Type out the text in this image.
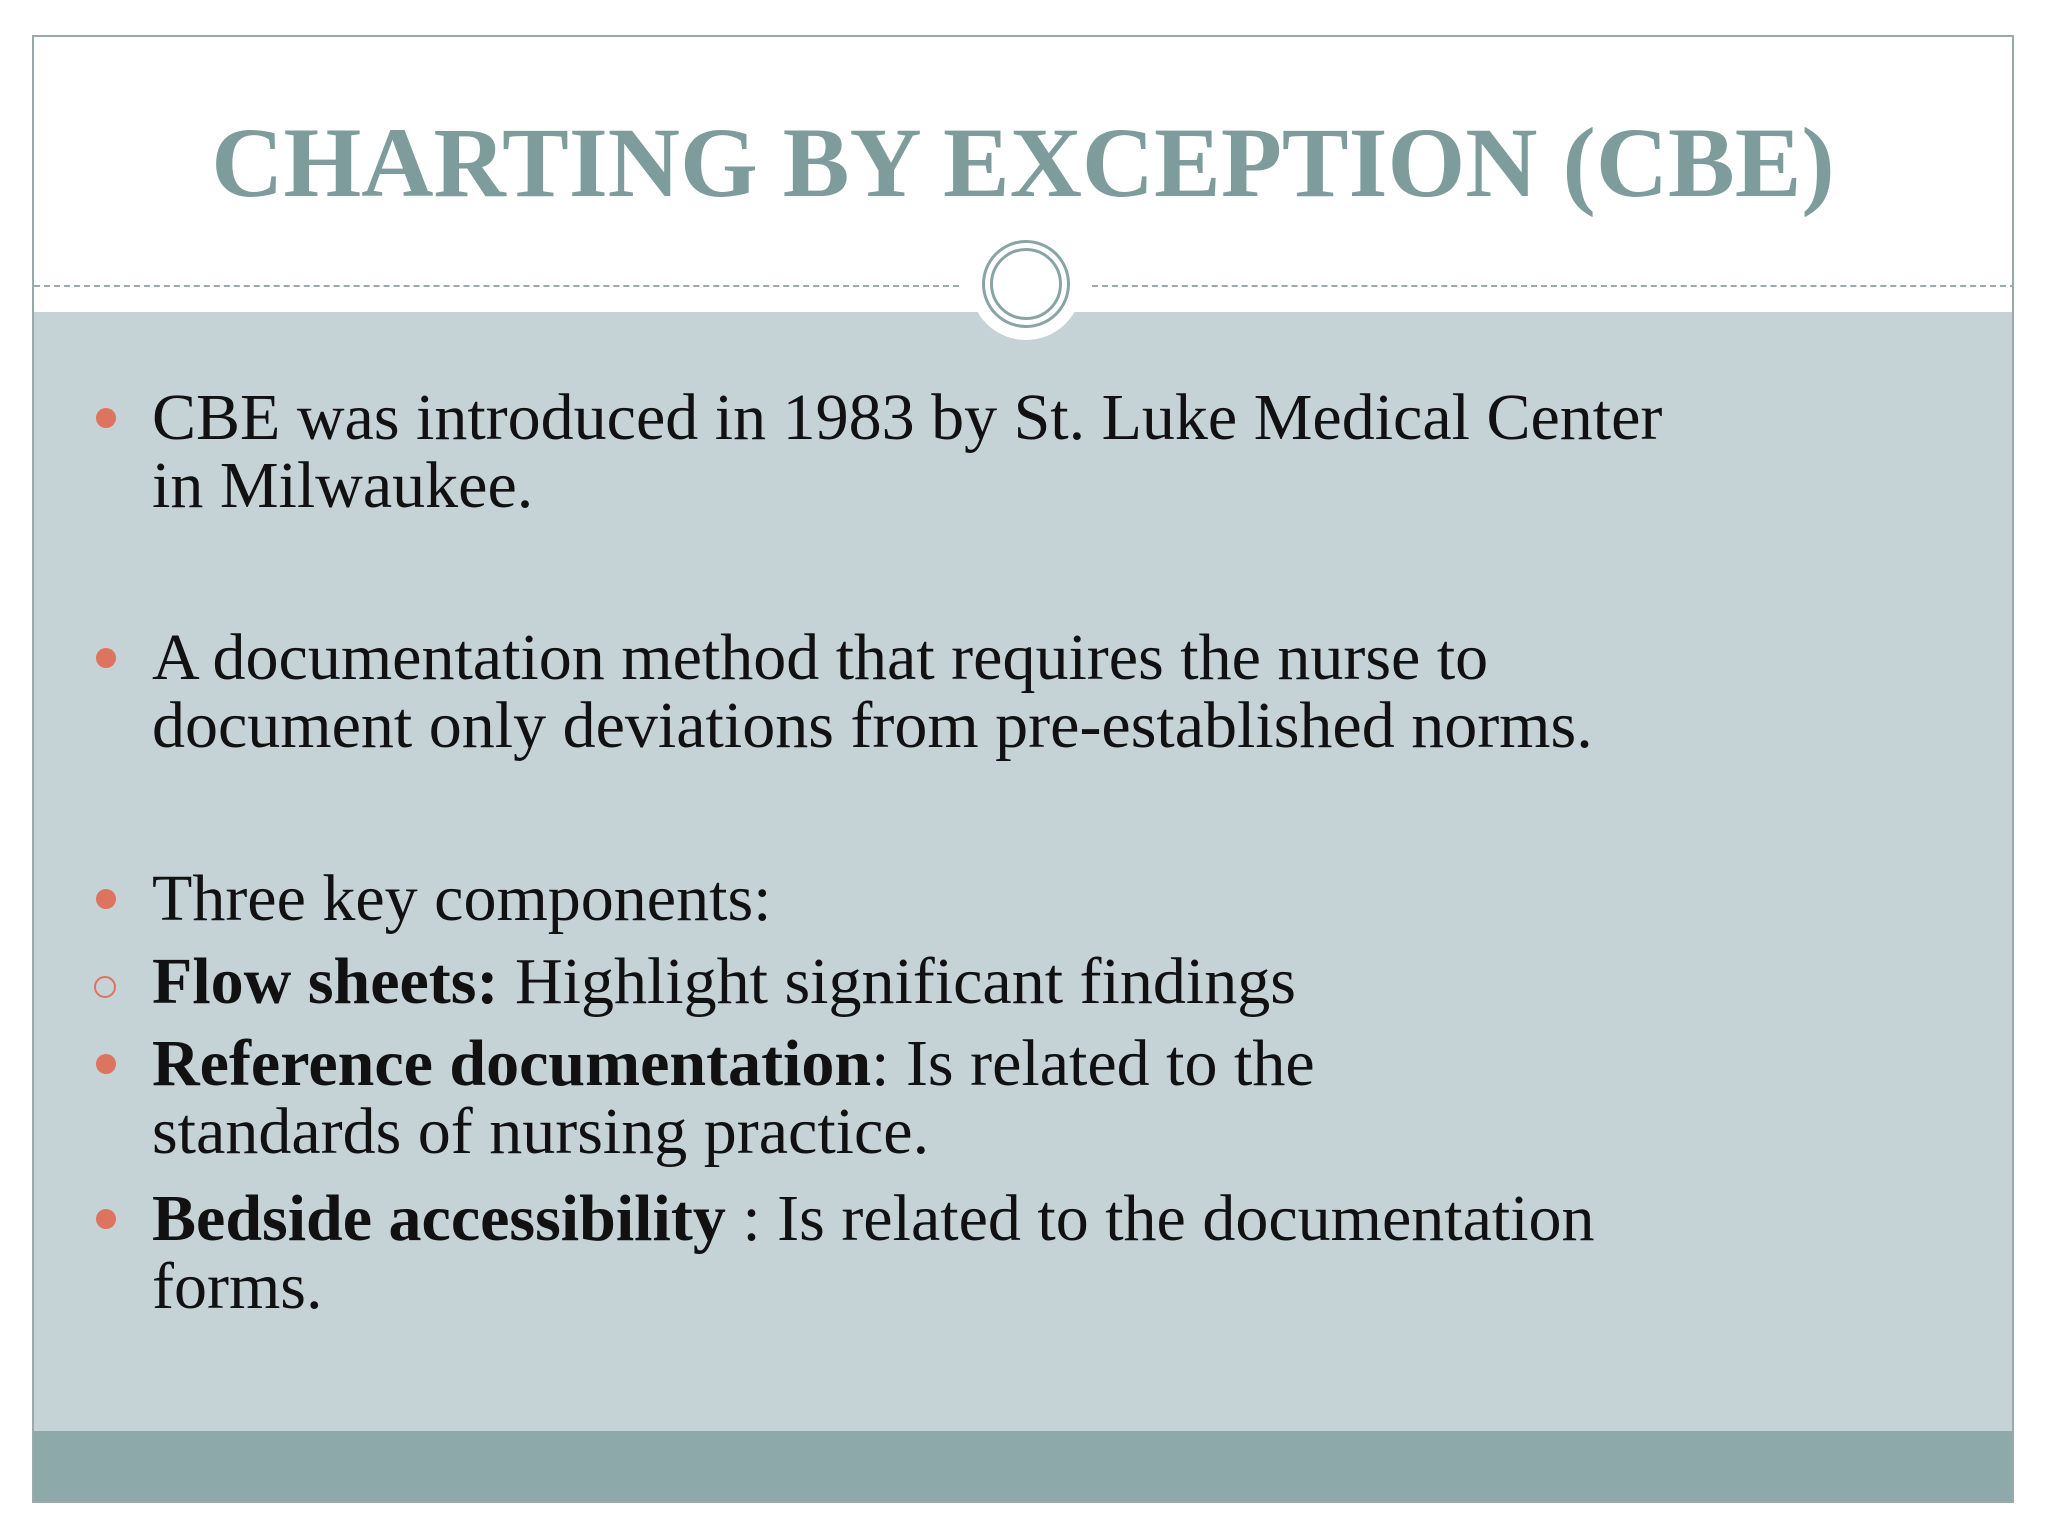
CHARTING BY EXCEPTION (CBE)
CBE was introduced in 1983 by St. Luke Medical Center
in Milwaukee.
A documentation method that requires the nurse to
document only deviations from pre-established norms.
Three key components:
Flow sheets: Highlight significant findings
Reference documentation: Is related to the
standards of nursing practice.
Bedside accessibility : Is related to the documentation
forms.
